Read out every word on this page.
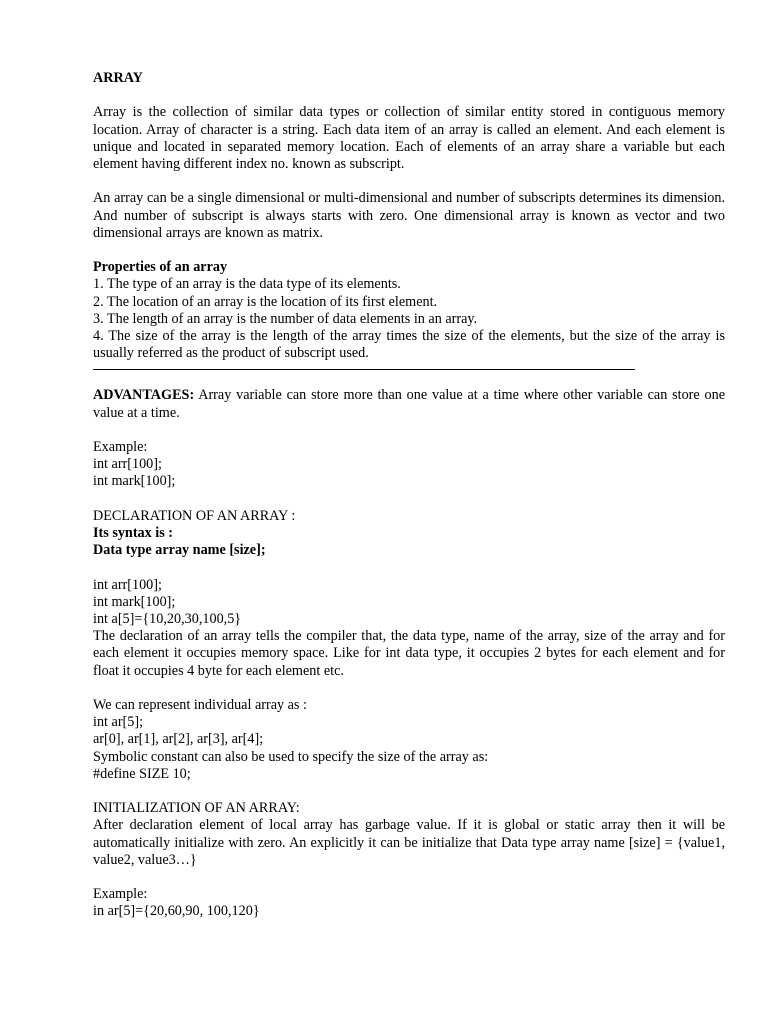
ARRAY

Array is the collection of similar data types or collection of similar entity stored in contiguous memory location. Array of character is a string. Each data item of an array is called an element. And each element is unique and located in separated memory location. Each of elements of an array share a variable but each element having different index no. known as subscript.

An array can be a single dimensional or multi-dimensional and number of subscripts determines its dimension. And number of subscript is always starts with zero. One dimensional array is known as vector and two dimensional arrays are known as matrix.

Properties of an array

1. The type of an array is the data type of its elements.

2. The location of an array is the location of its first element.

3. The length of an array is the number of data elements in an array.

4. The size of the array is the length of the array times the size of the elements, but the size of the array is usually referred as the product of subscript used.

ADVANTAGES: Array variable can store more than one value at a time where other variable can store one value at a time.

Example:

int arr[100];

int mark[100];

DECLARATION OF AN ARRAY :

Its syntax is :

Data type array name [size];

int arr[100];

int mark[100];

int a[5]={10,20,30,100,5}

The declaration of an array tells the compiler that, the data type, name of the array, size of the array and for each element it occupies memory space. Like for int data type, it occupies 2 bytes for each element and for float it occupies 4 byte for each element etc.

We can represent individual array as :

int ar[5];

ar[0], ar[1], ar[2], ar[3], ar[4];

Symbolic constant can also be used to specify the size of the array as:

#define SIZE 10;

INITIALIZATION OF AN ARRAY:

After declaration element of local array has garbage value. If it is global or static array then it will be automatically initialize with zero. An explicitly it can be initialize that Data type array name [size] = {value1, value2, value3…}

Example:

in ar[5]={20,60,90, 100,120}
